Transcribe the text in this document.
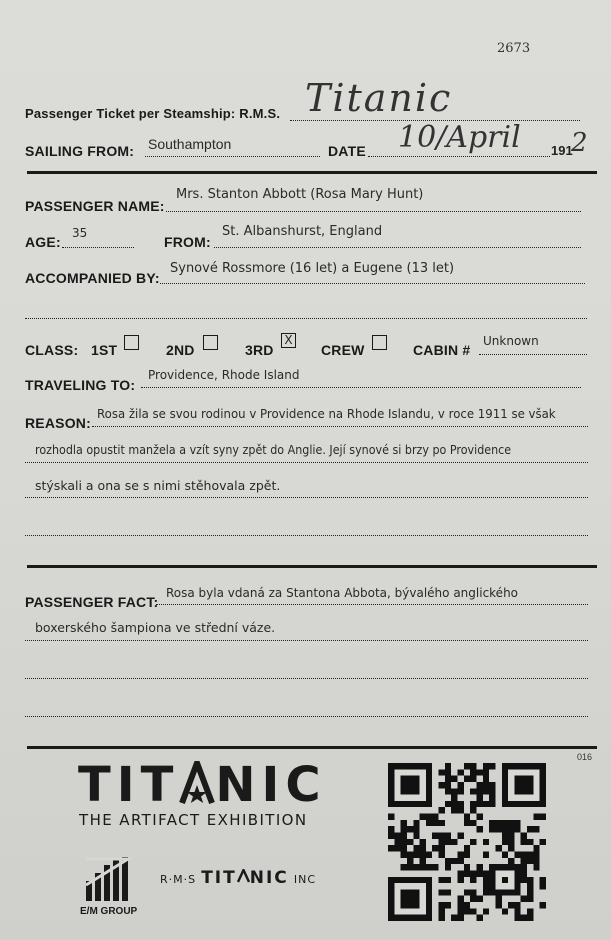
2673
Passenger Ticket per Steamship: R.M.S. Titanic
SAILING FROM: Southampton	DATE 10/April 191
2
PASSENGER NAME:
Mrs. Stanton Abbott (Rosa Mary Hunt)
AGE:
35
FROM:
St. Albanshurst, England
ACCOMPANIED BY:
Synové Rossmore (16 let) a Eugene (13 let)
CLASS: 1ST	2ND	3RD
X
CREW	CABIN #
Unknown
TRAVELING TO:
Providence, Rhode Island
REASON:
Rosa žila se svou rodinou v Providence na Rhode Islandu, v roce 1911 se však
rozhodla opustit manžela a vzít syny zpět do Anglie. Její synové si brzy po Providence
stýskali a ona se s nimi stěhovala zpět.
PASSENGER FACT:
Rosa byla vdaná za Stantona Abbota, bývalého anglického
boxerského šampiona ve střední váze.
TIT NIC
THE ARTIFACT EXHIBITION
E/M GROUP
R·M·S TIT NIC INC
016
